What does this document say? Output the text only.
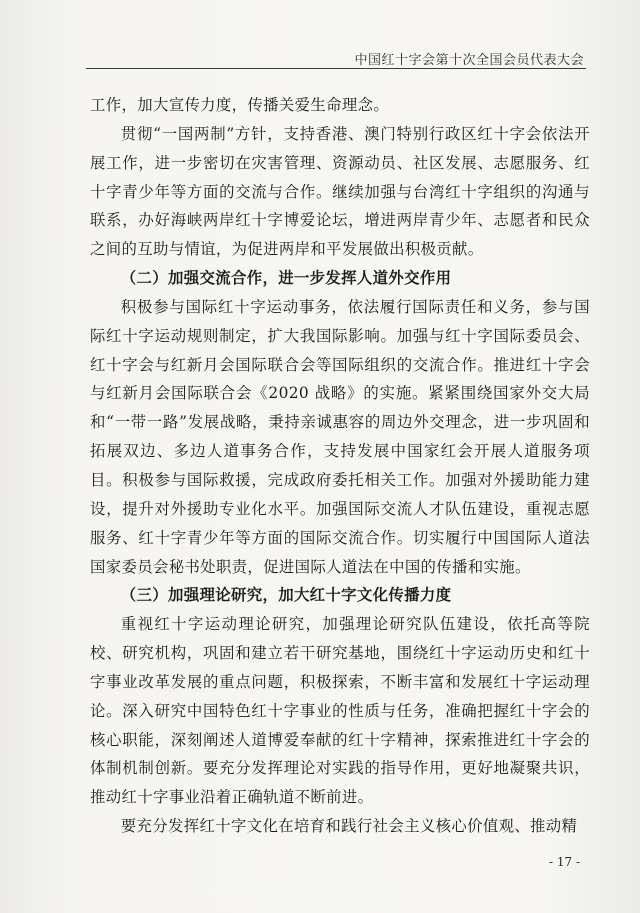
中国红十字会第十次全国会员代表大会

工作，加大宣传力度，传播关爱生命理念。

贯彻“一国两制”方针，支持香港、澳门特别行政区红十字会依法开展工作，进一步密切在灾害管理、资源动员、社区发展、志愿服务、红十字青少年等方面的交流与合作。继续加强与台湾红十字组织的沟通与联系，办好海峡两岸红十字博爱论坛，增进两岸青少年、志愿者和民众之间的互助与情谊，为促进两岸和平发展做出积极贡献。

（二）加强交流合作，进一步发挥人道外交作用

积极参与国际红十字运动事务，依法履行国际责任和义务，参与国际红十字运动规则制定，扩大我国际影响。加强与红十字国际委员会、红十字会与红新月会国际联合会等国际组织的交流合作。推进红十字会与红新月会国际联合会《2020 战略》的实施。紧紧围绕国家外交大局和“一带一路”发展战略，秉持亲诚惠容的周边外交理念，进一步巩固和拓展双边、多边人道事务合作，支持发展中国家红会开展人道服务项目。积极参与国际救援，完成政府委托相关工作。加强对外援助能力建设，提升对外援助专业化水平。加强国际交流人才队伍建设，重视志愿服务、红十字青少年等方面的国际交流合作。切实履行中国国际人道法国家委员会秘书处职责，促进国际人道法在中国的传播和实施。

（三）加强理论研究，加大红十字文化传播力度

重视红十字运动理论研究，加强理论研究队伍建设，依托高等院校、研究机构，巩固和建立若干研究基地，围绕红十字运动历史和红十字事业改革发展的重点问题，积极探索，不断丰富和发展红十字运动理论。深入研究中国特色红十字事业的性质与任务，准确把握红十字会的核心职能，深刻阐述人道博爱奉献的红十字精神，探索推进红十字会的体制机制创新。要充分发挥理论对实践的指导作用，更好地凝聚共识，推动红十字事业沿着正确轨道不断前进。

要充分发挥红十字文化在培育和践行社会主义核心价值观、推动精

- 17 -
